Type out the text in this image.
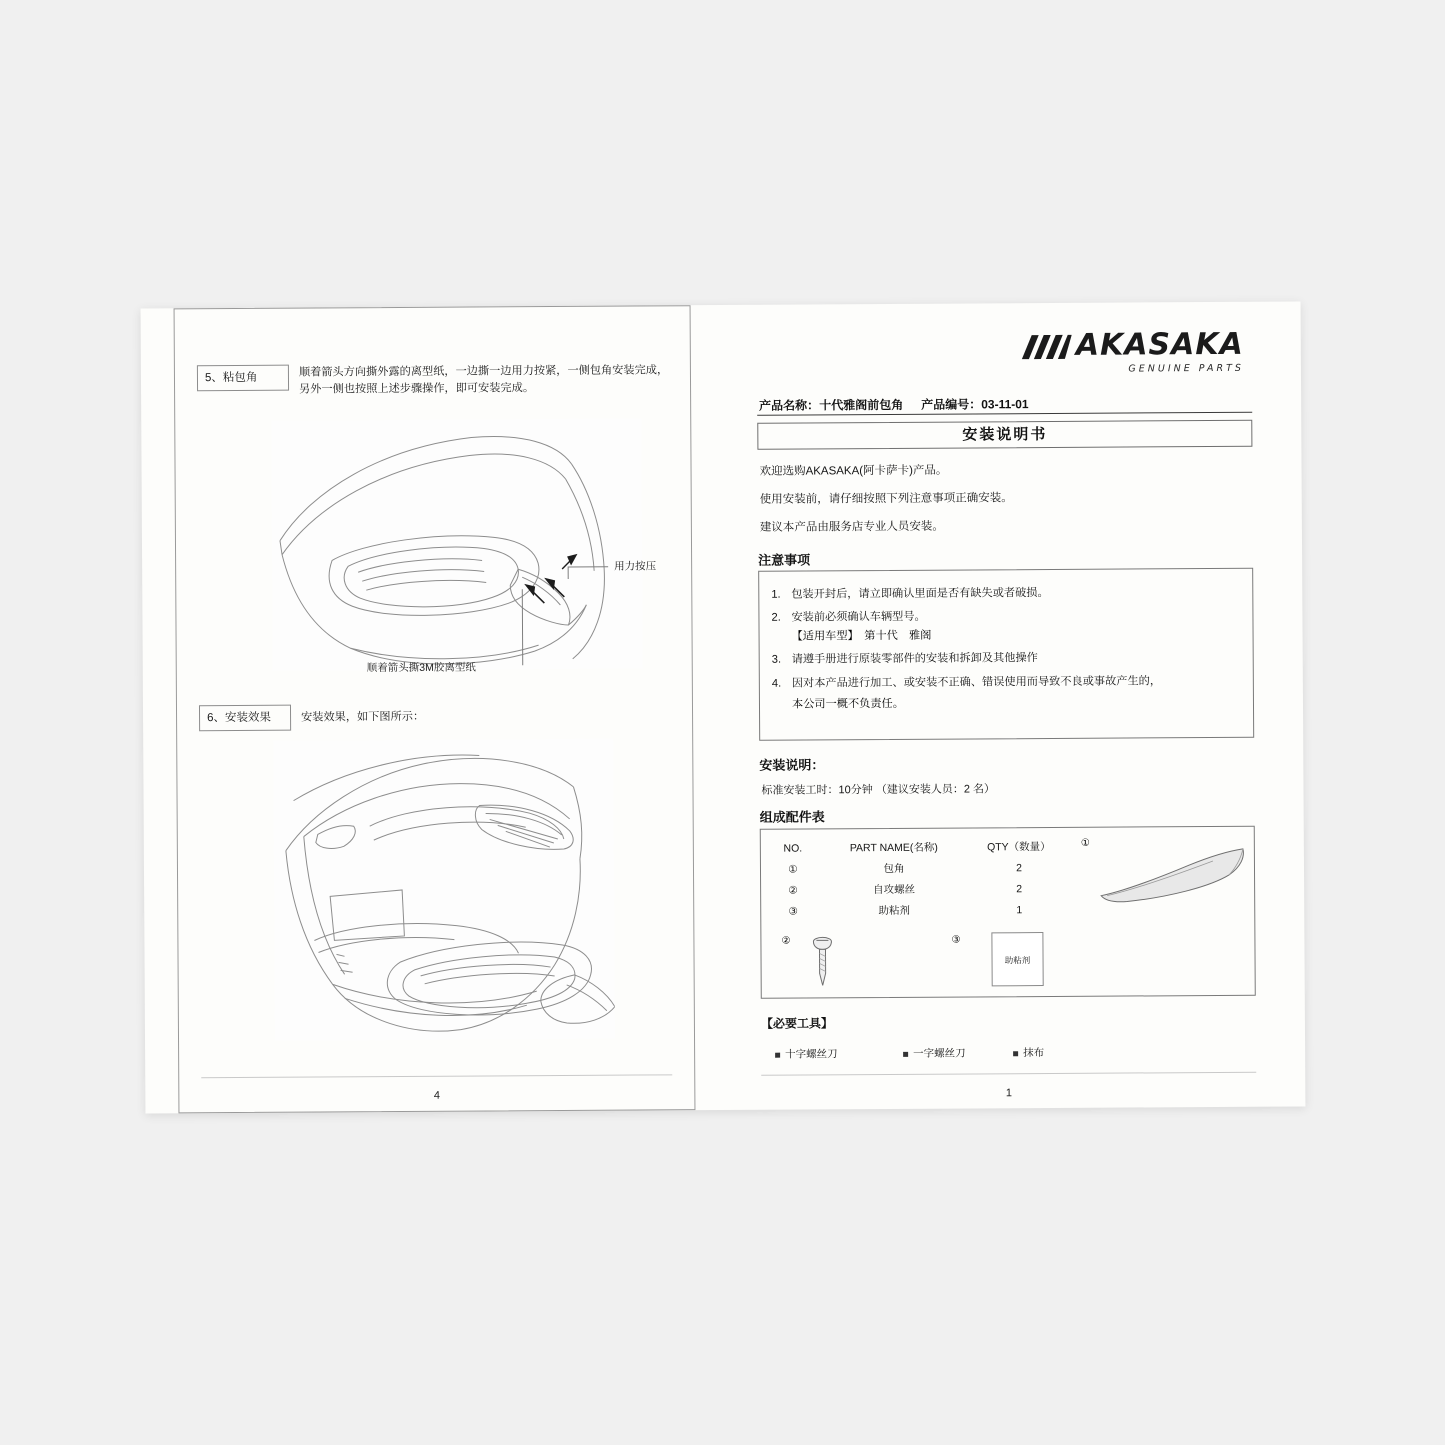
5、粘包角	顺着箭头方向撕外露的离型纸，一边撕一边用力按紧，一侧包角安装完成，
另外一侧也按照上述步骤操作，即可安装完成。
用力按压
顺着箭头撕3M胶离型纸
6、安装效果	安装效果，如下图所示：
4
AKASAKA
GENUINE PARTS
产品名称：十代雅阁前包角 产品编号：03-11-01
安装说明书
欢迎选购AKASAKA(阿卡萨卡)产品。
使用安装前，请仔细按照下列注意事项正确安装。
建议本产品由服务店专业人员安装。
注意事项
1. 包装开封后，请立即确认里面是否有缺失或者破损。
2. 安装前必须确认车辆型号。
【适用车型】　第十代　雅阁
3. 请遵手册进行原装零部件的安装和拆卸及其他操作
4. 因对本产品进行加工、或安装不正确、错误使用而导致不良或事故产生的，
本公司一概不负责任。
安装说明：
标准安装工时：10分钟 （建议安装人员：2 名）
组成配件表
NO.	PART NAME(名称)	QTY（数量）
①	包角	2
②	自攻螺丝	2
③	助粘剂	1
①
②	③
助粘剂
【必要工具】
十字螺丝刀	一字螺丝刀	抹布
1
